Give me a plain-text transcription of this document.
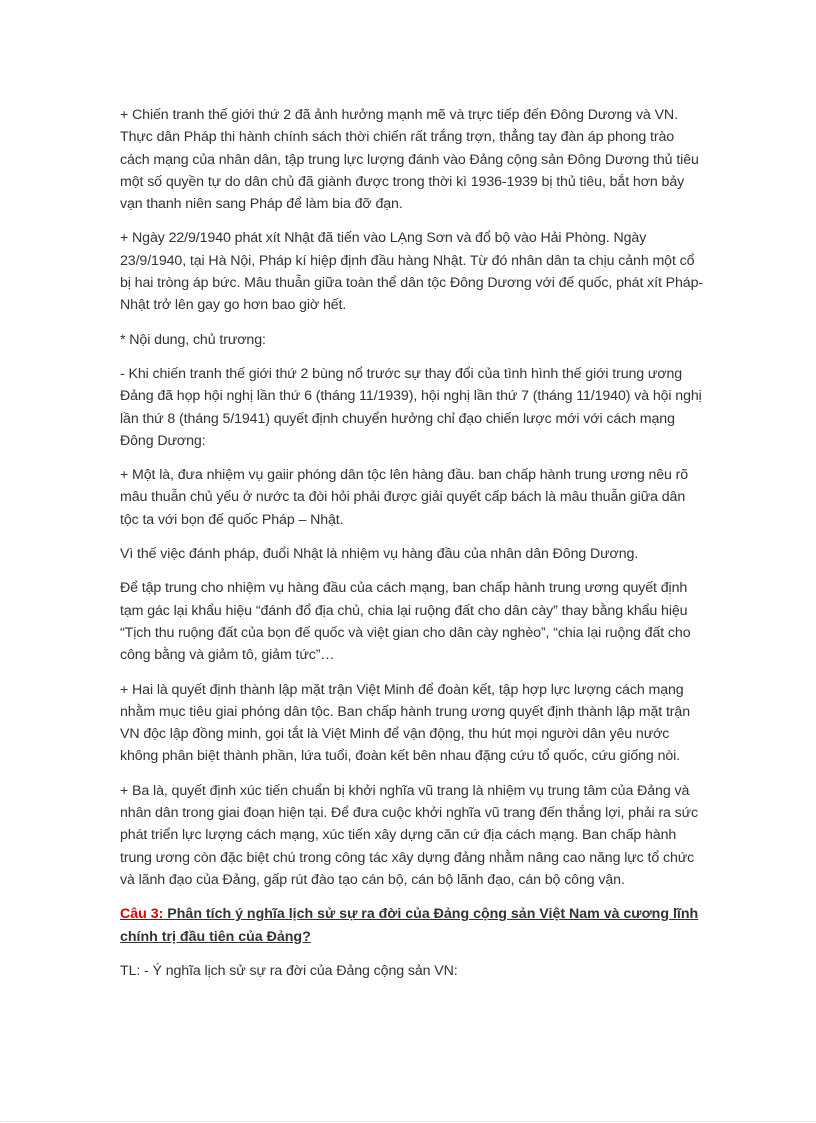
+ Chiến tranh thế giới thứ 2 đã ảnh hưởng mạnh mẽ và trực tiếp đến Đông Dương và VN. Thực dân Pháp thi hành chính sách thời chiến rất trắng trợn, thẳng tay đàn áp phong trào cách mạng của nhân dân, tập trung lực lượng đánh vào Đảng cộng sản Đông Dương thủ tiêu một số quyền tự do dân chủ đã giành được trong thời kì 1936-1939 bị thủ tiêu, bắt hơn bảy vạn thanh niên sang Pháp để làm bia đỡ đạn.

+ Ngày 22/9/1940 phát xít Nhật đã tiến vào LẠng Sơn và đổ bộ vào Hải Phòng. Ngày 23/9/1940, tại Hà Nội, Pháp kí hiệp định đầu hàng Nhật. Từ đó nhân dân ta chịu cảnh một cổ bị hai tròng áp bức. Mâu thuẫn giữa toàn thể dân tộc Đông Dương với đế quốc, phát xít Pháp- Nhật trở lên gay go hơn bao giờ hết.

* Nội dung, chủ trương:

- Khi chiến tranh thế giới thứ 2 bùng nổ trước sự thay đổi của tình hình thế giới trung ương Đảng đã họp hội nghị lần thứ 6 (tháng 11/1939), hội nghị lần thứ 7 (tháng 11/1940) và hội nghị lần thứ 8 (tháng 5/1941) quyết định chuyển hưởng chỉ đạo chiến lược mới với cách mạng Đông Dương:

+ Một là, đưa nhiệm vụ gaiir phóng dân tộc lên hàng đầu. ban chấp hành trung ương nêu rõ mâu thuẫn chủ yếu ở nước ta đòi hỏi phải được giải quyết cấp bách là mâu thuẫn giữa dân tộc ta với bọn đế quốc Pháp – Nhật.

Vì thế việc đánh pháp, đuổi Nhật là nhiệm vụ hàng đầu của nhân dân Đông Dương.

Để tập trung cho nhiệm vụ hàng đầu của cách mạng, ban chấp hành trung ương quyết định tạm gác lại khẩu hiệu “đánh đổ địa chủ, chia lại ruộng đất cho dân cày” thay bằng khẩu hiệu “Tịch thu ruộng đất của bọn đế quốc và việt gian cho dân cày nghèo”, “chia lại ruộng đất cho công bằng và giảm tô, giảm tức”…

+ Hai là quyết định thành lập mặt trận Việt Minh để đoàn kết, tập hợp lực lượng cách mạng nhằm mục tiêu giai phóng dân tộc. Ban chấp hành trung ương quyết định thành lập mặt trận VN độc lập đồng minh, gọi tắt là Việt Minh để vận động, thu hút mọi người dân yêu nước không phân biệt thành phần, lứa tuổi, đoàn kết bên nhau đặng cứu tổ quốc, cứu giống nòi.

+ Ba là, quyết định xúc tiến chuẩn bị khởi nghĩa vũ trang là nhiệm vụ trung tâm của Đảng và nhân dân trong giai đoạn hiện tại. Để đưa cuộc khởi nghĩa vũ trang đến thắng lợi, phải ra sức phát triển lực lượng cách mạng, xúc tiến xây dựng căn cứ địa cách mạng. Ban chấp hành trung ương còn đặc biệt chú trong công tác xây dựng đảng nhằm nâng cao năng lực tổ chức và lãnh đạo của Đảng, gấp rút đào tạo cán bộ, cán bộ lãnh đạo, cán bộ công vận.

Câu 3: Phân tích ý nghĩa lịch sử sự ra đời của Đảng cộng sản Việt Nam và cương lĩnh chính trị đầu tiên của Đảng?

TL: - Ý nghĩa lịch sử sự ra đời của Đảng cộng sản VN:
